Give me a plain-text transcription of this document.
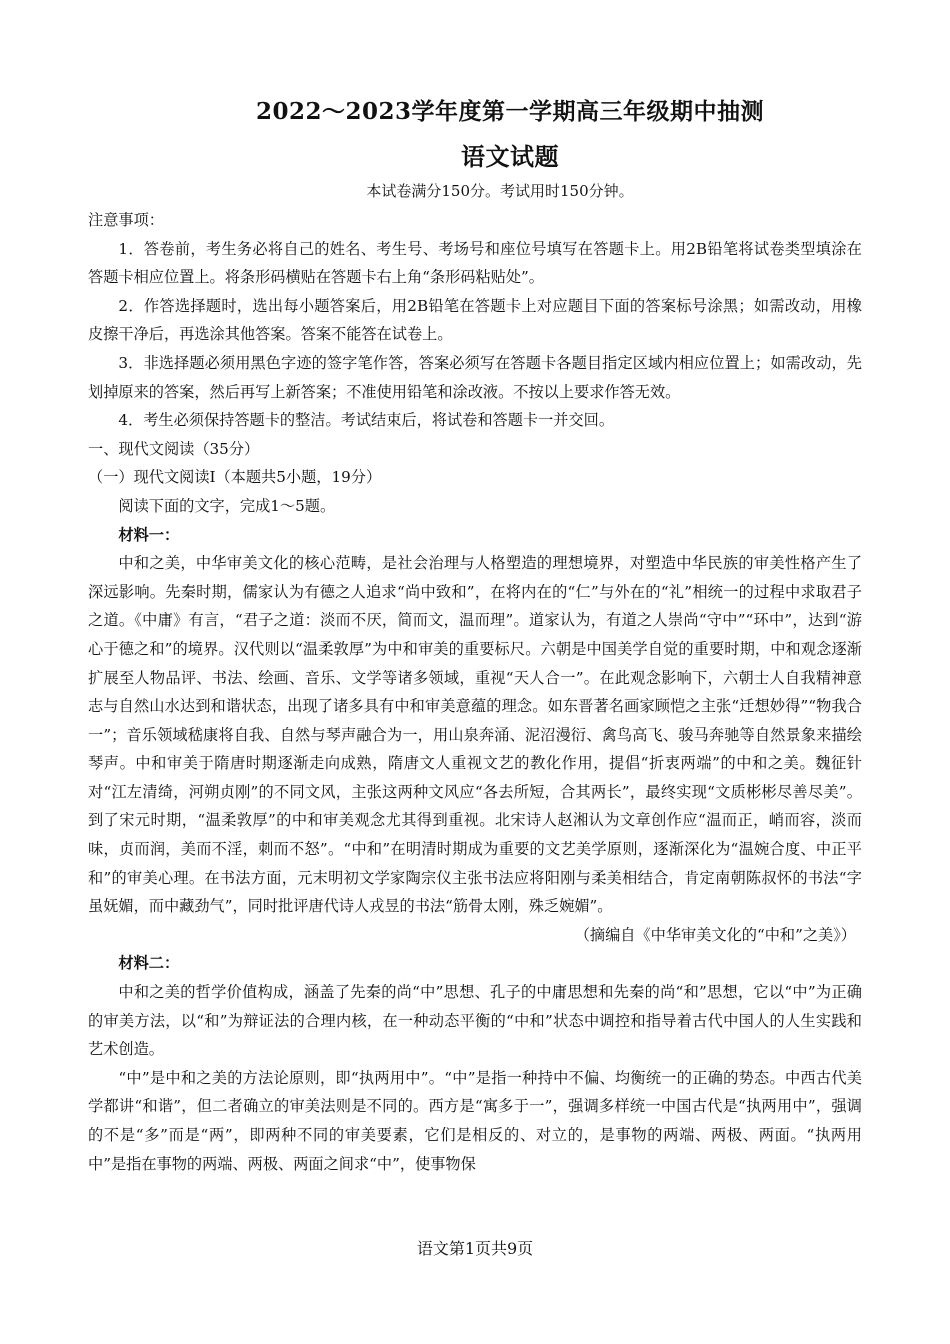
2022～2023学年度第一学期高三年级期中抽测
语文试题
本试卷满分150分。考试用时150分钟。

注意事项：

1．答卷前，考生务必将自己的姓名、考生号、考场号和座位号填写在答题卡上。用2B铅笔将试卷类型填涂在答题卡相应位置上。将条形码横贴在答题卡右上角“条形码粘贴处”。

2．作答选择题时，选出每小题答案后，用2B铅笔在答题卡上对应题目下面的答案标号涂黑；如需改动，用橡皮擦干净后，再选涂其他答案。答案不能答在试卷上。

3．非选择题必须用黑色字迹的签字笔作答，答案必须写在答题卡各题目指定区域内相应位置上；如需改动，先划掉原来的答案，然后再写上新答案；不准使用铅笔和涂改液。不按以上要求作答无效。

4．考生必须保持答题卡的整洁。考试结束后，将试卷和答题卡一并交回。

一、现代文阅读（35分）

（一）现代文阅读Ⅰ（本题共5小题，19分）

阅读下面的文字，完成1～5题。

材料一：

中和之美，中华审美文化的核心范畴，是社会治理与人格塑造的理想境界，对塑造中华民族的审美性格产生了深远影响。先秦时期，儒家认为有德之人追求“尚中致和”，在将内在的“仁”与外在的“礼”相统一的过程中求取君子之道。《中庸》有言，“君子之道：淡而不厌，简而文，温而理”。道家认为，有道之人崇尚“守中”“环中”，达到“游心于德之和”的境界。汉代则以“温柔敦厚”为中和审美的重要标尺。六朝是中国美学自觉的重要时期，中和观念逐渐扩展至人物品评、书法、绘画、音乐、文学等诸多领域，重视“天人合一”。在此观念影响下，六朝士人自我精神意志与自然山水达到和谐状态，出现了诸多具有中和审美意蕴的理念。如东晋著名画家顾恺之主张“迁想妙得”“物我合一”；音乐领域嵇康将自我、自然与琴声融合为一，用山泉奔涌、泥沼漫衍、禽鸟高飞、骏马奔驰等自然景象来描绘琴声。中和审美于隋唐时期逐渐走向成熟，隋唐文人重视文艺的教化作用，提倡“折衷两端”的中和之美。魏征针对“江左清绮，河朔贞刚”的不同文风，主张这两种文风应“各去所短，合其两长”，最终实现“文质彬彬尽善尽美”。到了宋元时期，“温柔敦厚”的中和审美观念尤其得到重视。北宋诗人赵湘认为文章创作应“温而正，峭而容，淡而味，贞而润，美而不淫，刺而不怒”。“中和”在明清时期成为重要的文艺美学原则，逐渐深化为“温婉合度、中正平和”的审美心理。在书法方面，元末明初文学家陶宗仪主张书法应将阳刚与柔美相结合，肯定南朝陈叔怀的书法“字虽妩媚，而中藏劲气”，同时批评唐代诗人戎昱的书法“筋骨太刚，殊乏婉媚”。

（摘编自《中华审美文化的“中和”之美》）

材料二：

中和之美的哲学价值构成，涵盖了先秦的尚“中”思想、孔子的中庸思想和先秦的尚“和”思想，它以“中”为正确的审美方法，以“和”为辩证法的合理内核，在一种动态平衡的“中和”状态中调控和指导着古代中国人的人生实践和艺术创造。

“中”是中和之美的方法论原则，即“执两用中”。“中”是指一种持中不偏、均衡统一的正确的势态。中西古代美学都讲“和谐”，但二者确立的审美法则是不同的。西方是“寓多于一”，强调多样统一中国古代是“执两用中”，强调的不是“多”而是“两”，即两种不同的审美要素，它们是相反的、对立的，是事物的两端、两极、两面。“执两用中”是指在事物的两端、两极、两面之间求“中”，使事物保

语文第1页共9页
